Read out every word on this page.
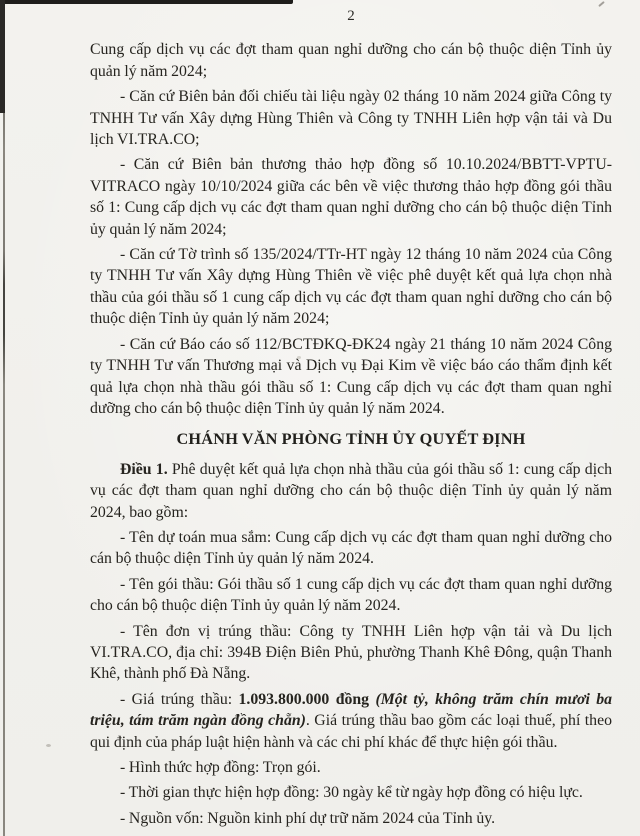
2

Cung cấp dịch vụ các đợt tham quan nghỉ dưỡng cho cán bộ thuộc diện Tỉnh ủy quản lý năm 2024;

- Căn cứ Biên bản đối chiếu tài liệu ngày 02 tháng 10 năm 2024 giữa Công ty TNHH Tư vấn Xây dựng Hùng Thiên và Công ty TNHH Liên hợp vận tải và Du lịch VI.TRA.CO;

- Căn cứ Biên bản thương thảo hợp đồng số 10.10.2024/BBTT-VPTU-VITRACO ngày 10/10/2024 giữa các bên về việc thương thảo hợp đồng gói thầu số 1: Cung cấp dịch vụ các đợt tham quan nghỉ dưỡng cho cán bộ thuộc diện Tỉnh ủy quản lý năm 2024;

- Căn cứ Tờ trình số 135/2024/TTr-HT ngày 12 tháng 10 năm 2024 của Công ty TNHH Tư vấn Xây dựng Hùng Thiên về việc phê duyệt kết quả lựa chọn nhà thầu của gói thầu số 1 cung cấp dịch vụ các đợt tham quan nghỉ dưỡng cho cán bộ thuộc diện Tỉnh ủy quản lý năm 2024;

- Căn cứ Báo cáo số 112/BCTĐKQ-ĐK24 ngày 21 tháng 10 năm 2024 Công ty TNHH Tư vấn Thương mại và Dịch vụ Đại Kim về việc báo cáo thẩm định kết quả lựa chọn nhà thầu gói thầu số 1: Cung cấp dịch vụ các đợt tham quan nghỉ dưỡng cho cán bộ thuộc diện Tỉnh ủy quản lý năm 2024.

CHÁNH VĂN PHÒNG TỈNH ỦY QUYẾT ĐỊNH

Điều 1. Phê duyệt kết quả lựa chọn nhà thầu của gói thầu số 1: cung cấp dịch vụ các đợt tham quan nghỉ dưỡng cho cán bộ thuộc diện Tỉnh ủy quản lý năm 2024, bao gồm:

- Tên dự toán mua sắm: Cung cấp dịch vụ các đợt tham quan nghỉ dưỡng cho cán bộ thuộc diện Tỉnh ủy quản lý năm 2024.

- Tên gói thầu: Gói thầu số 1 cung cấp dịch vụ các đợt tham quan nghỉ dưỡng cho cán bộ thuộc diện Tỉnh ủy quản lý năm 2024.

- Tên đơn vị trúng thầu: Công ty TNHH Liên hợp vận tải và Du lịch VI.TRA.CO, địa chỉ: 394B Điện Biên Phủ, phường Thanh Khê Đông, quận Thanh Khê, thành phố Đà Nẵng.

- Giá trúng thầu: 1.093.800.000 đồng (Một tỷ, không trăm chín mươi ba triệu, tám trăm ngàn đồng chẵn). Giá trúng thầu bao gồm các loại thuế, phí theo qui định của pháp luật hiện hành và các chi phí khác để thực hiện gói thầu.

- Hình thức hợp đồng: Trọn gói.

- Thời gian thực hiện hợp đồng: 30 ngày kể từ ngày hợp đồng có hiệu lực.

- Nguồn vốn: Nguồn kinh phí dự trữ năm 2024 của Tỉnh ủy.
